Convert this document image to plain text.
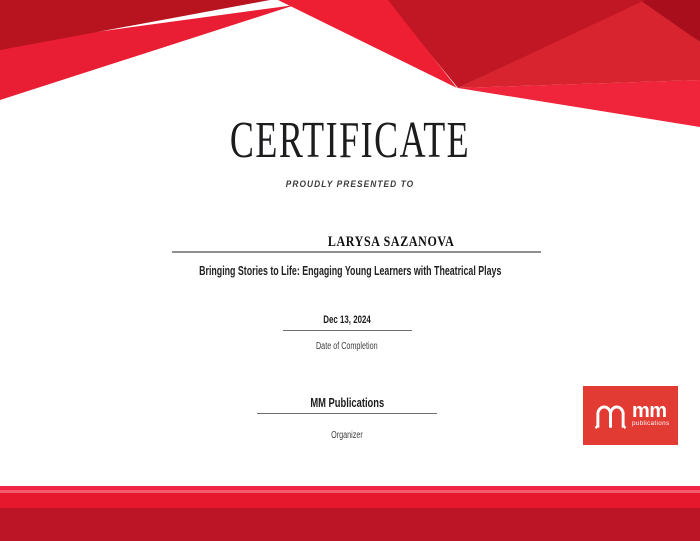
CERTIFICATE
PROUDLY PRESENTED TO
LARYSA SAZANOVA
Bringing Stories to Life: Engaging Young Learners with Theatrical Plays
Dec 13, 2024
Date of Completion
MM Publications
Organizer
mm
publications
